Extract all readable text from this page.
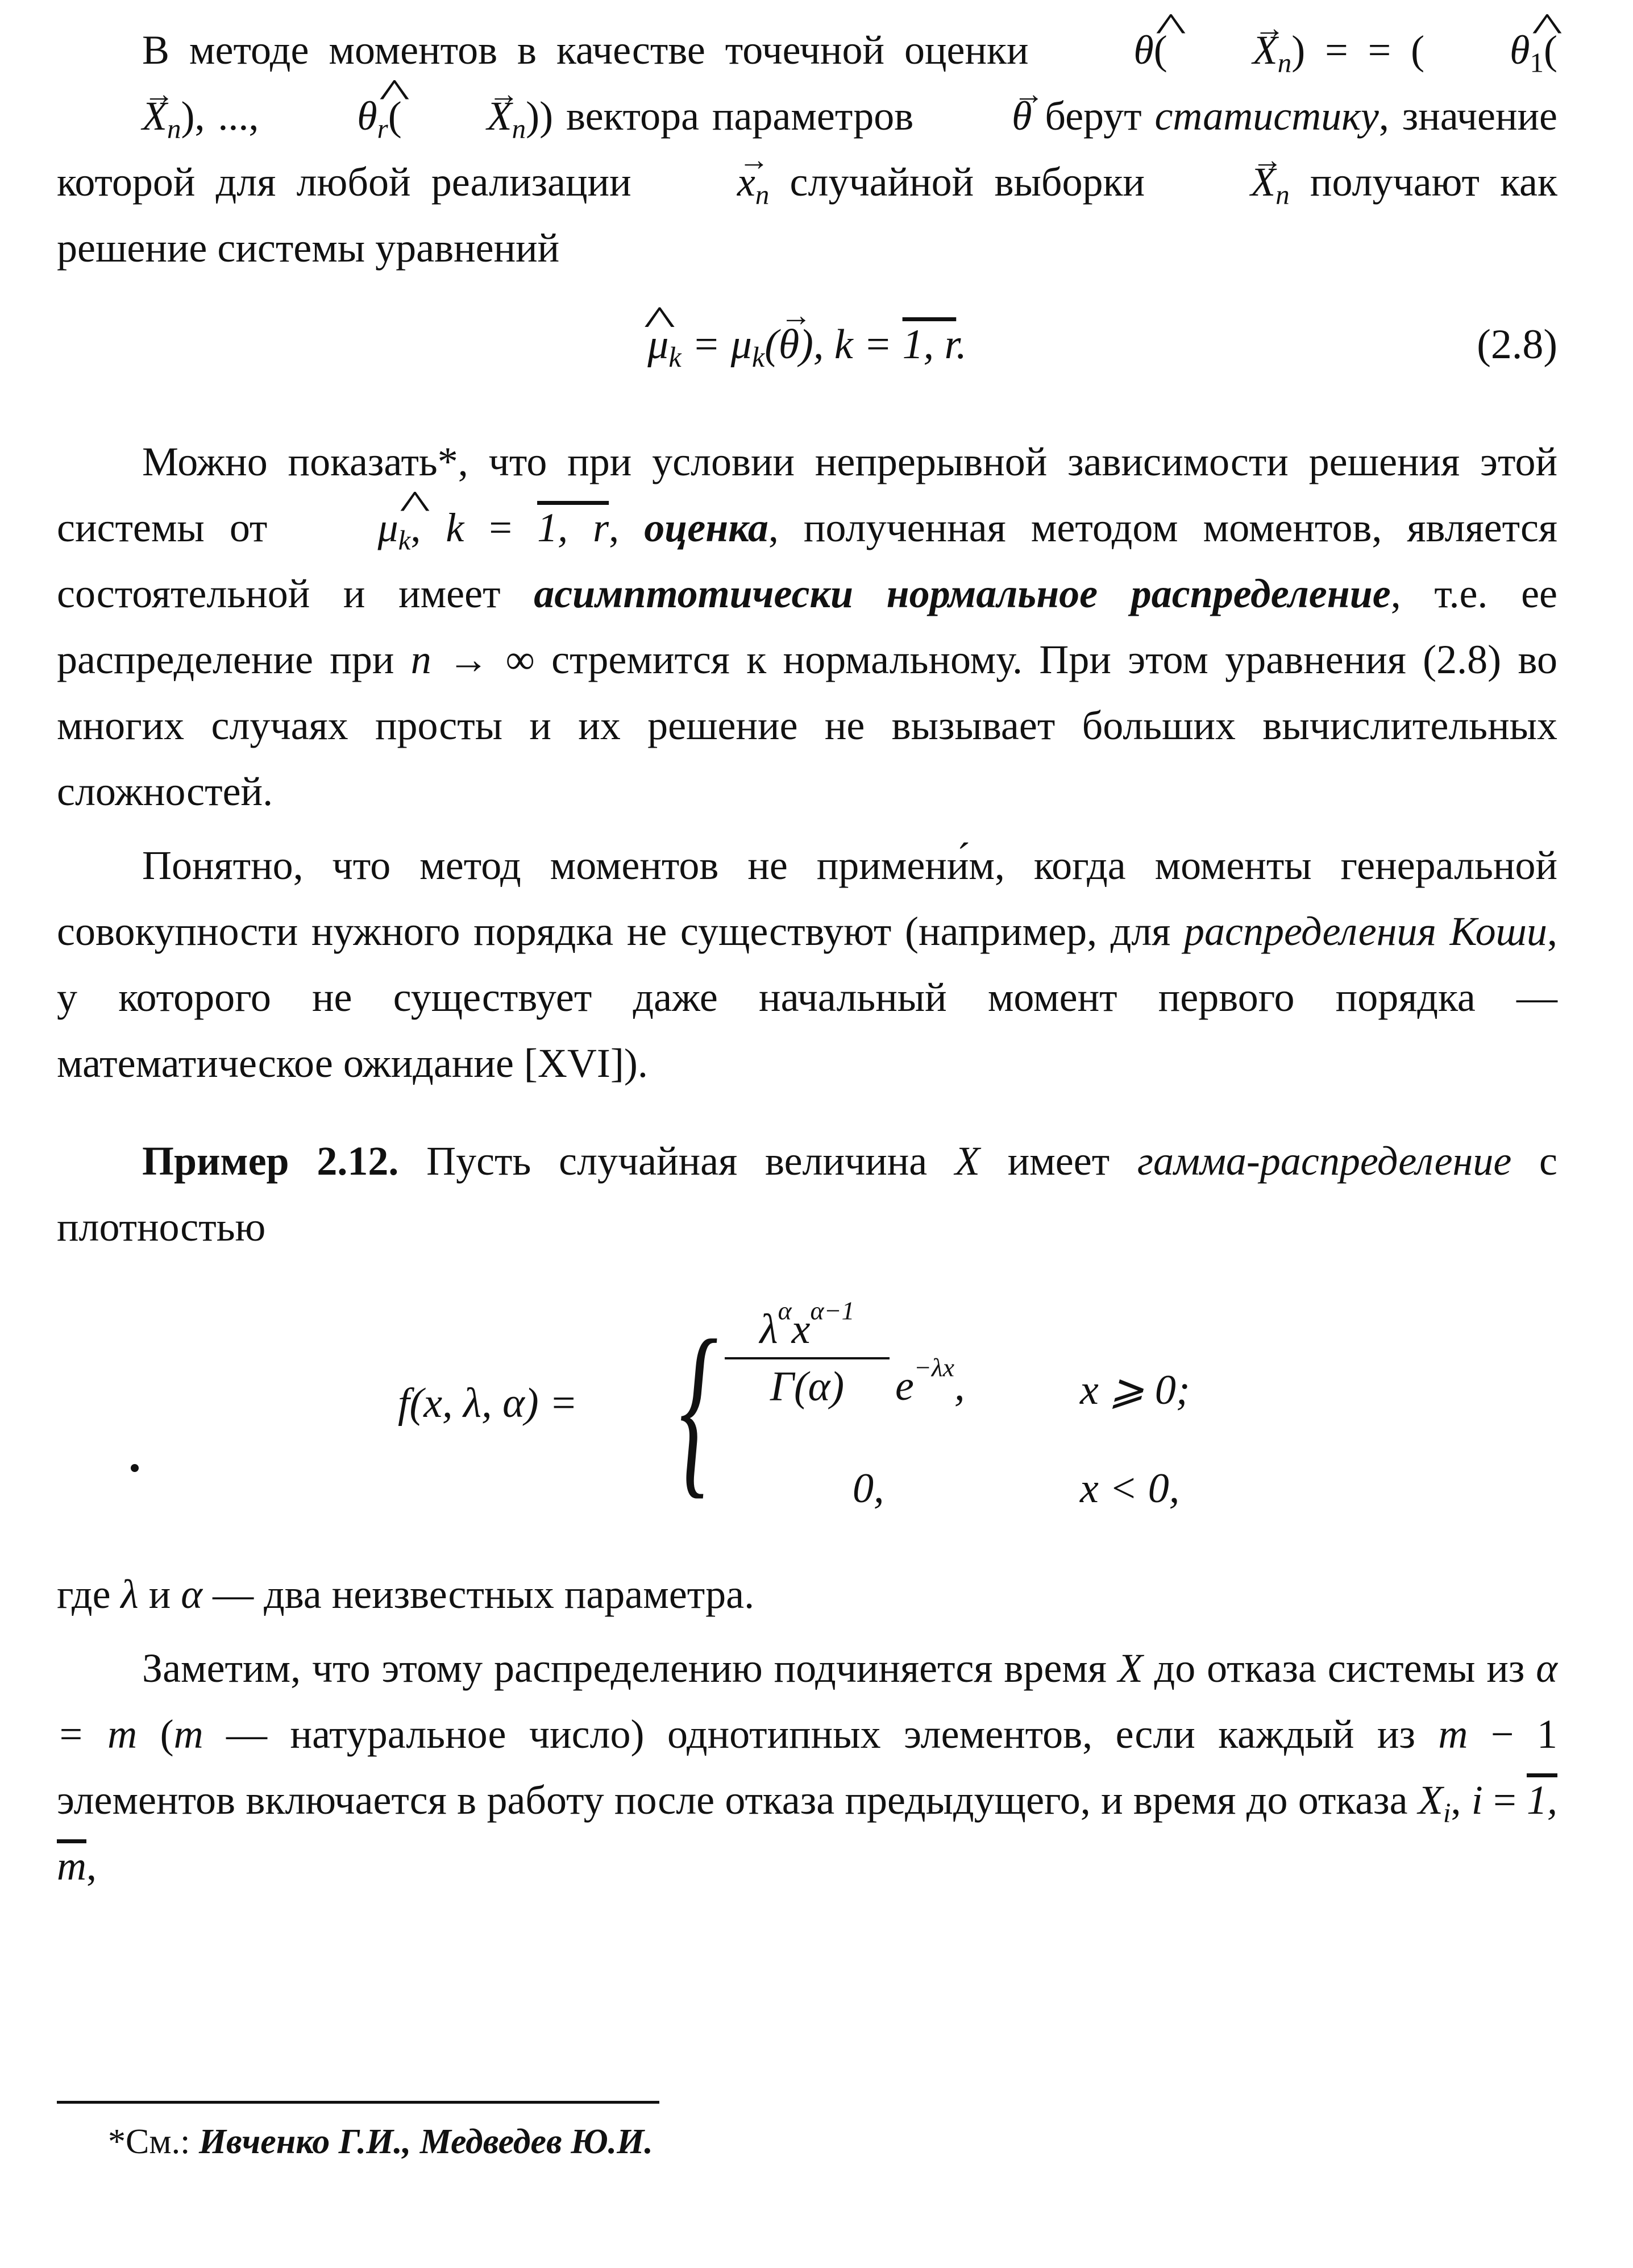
В методе моментов в качестве точечной оценки ^ $\theta( \to X_n)$ = = ( ^ $\theta_1(\to X_n)$, ..., ^ $\theta_r( \to X_n)$) вектора параметров → θ берут статистику, значение которой для любой реализации → $x_n$ случайной выборки → $X_n$ получают как решение системы уравнений

^ $\mu_k = \mu_k(\to \theta)$, k = 1, r.	(2.8)

Можно показать*, что при условии непрерывной зависимости решения этой системы от ^ $\mu_k$, k = 1, r, оценка, полученная методом моментов, является состоятельной и имеет асимптотически нормальное распределение, т.е. ее распределение при n → ∞ стремится к нормальному. При этом уравнения (2.8) во многих случаях просты и их решение не вызывает больших вычислительных сложностей.

Понятно, что метод моментов не примени́м, когда моменты генеральной совокупности нужного порядка не существуют (например, для распределения Коши, у которого не существует даже начальный момент первого порядка — математическое ожидание [XVI]).

Пример 2.12. Пусть случайная величина X имеет гамма-распределение с плотностью

f(x, λ, α) = { $\lambda^\alpha x^{\alpha-1}$
Γ(α)	$e^{-\lambda x}$,	x ⩾ 0;
0,	x < 0,

где λ и α — два неизвестных параметра.

Заметим, что этому распределению подчиняется время X до отказа системы из α = m (m — натуральное число) однотипных элементов, если каждый из m − 1 элементов включается в работу после отказа предыдущего, и время до отказа $X_i$, i = 1, m,

*См.: Ивченко Г.И., Медведев Ю.И.
